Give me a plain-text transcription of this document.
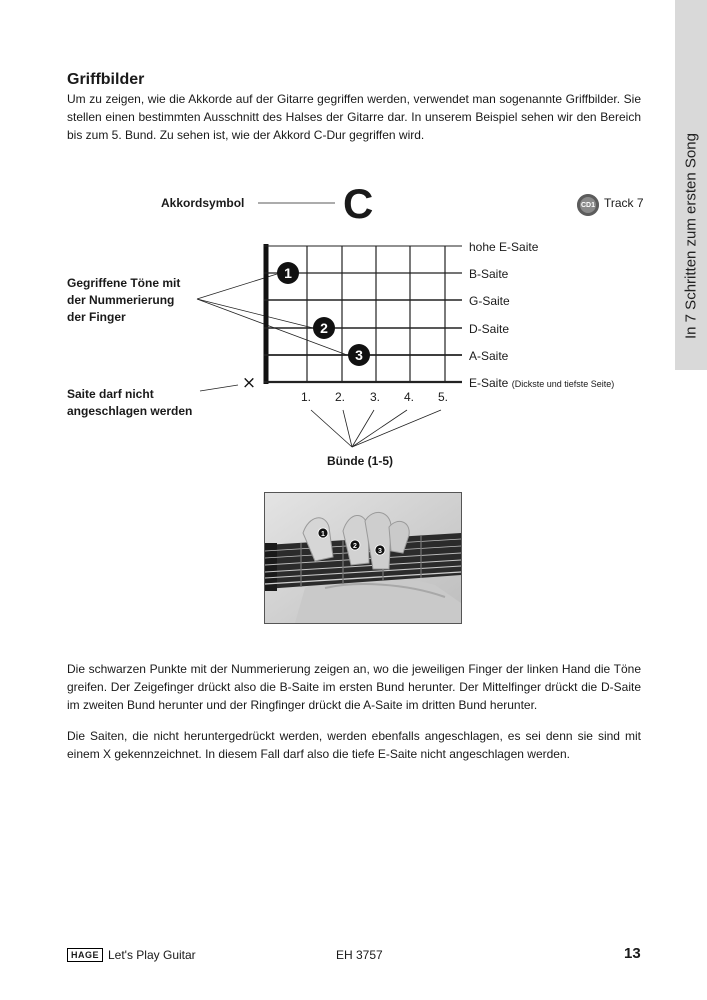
In 7 Schritten zum ersten Song
Griffbilder

Um zu zeigen, wie die Akkorde auf der Gitarre gegriffen werden, verwendet man sogenannte Griffbilder. Sie stellen einen bestimmten Ausschnitt des Halses der Gitarre dar. In unserem Beispiel sehen wir den Bereich bis zum 5. Bund. Zu sehen ist, wie der Akkord C-Dur gegriffen wird.

Akkordsymbol C	CD1 Track 7
Gegriffene Töne mit
der Nummerierung
der Finger
Saite darf nicht
angeschlagen werden
hohe E-Saite
B-Saite
G-Saite
D-Saite
A-Saite
E-Saite (Dickste und tiefste Seite)
1. 2. 3. 4. 5.
Bünde (1-5)
1
2
3
×
1
2
3

Die schwarzen Punkte mit der Nummerierung zeigen an, wo die jeweiligen Finger der linken Hand die Töne greifen. Der Zeigefinger drückt also die B-Saite im ersten Bund herunter. Der Mittelfinger drückt die D-Saite im zweiten Bund herunter und der Ringfinger drückt die A-Saite im dritten Bund herunter.

Die Saiten, die nicht heruntergedrückt werden, werden ebenfalls angeschlagen, es sei denn sie sind mit einem X gekennzeichnet. In diesem Fall darf also die tiefe E-Saite nicht angeschlagen werden.

HAGE Let's Play Guitar	EH 3757	13
